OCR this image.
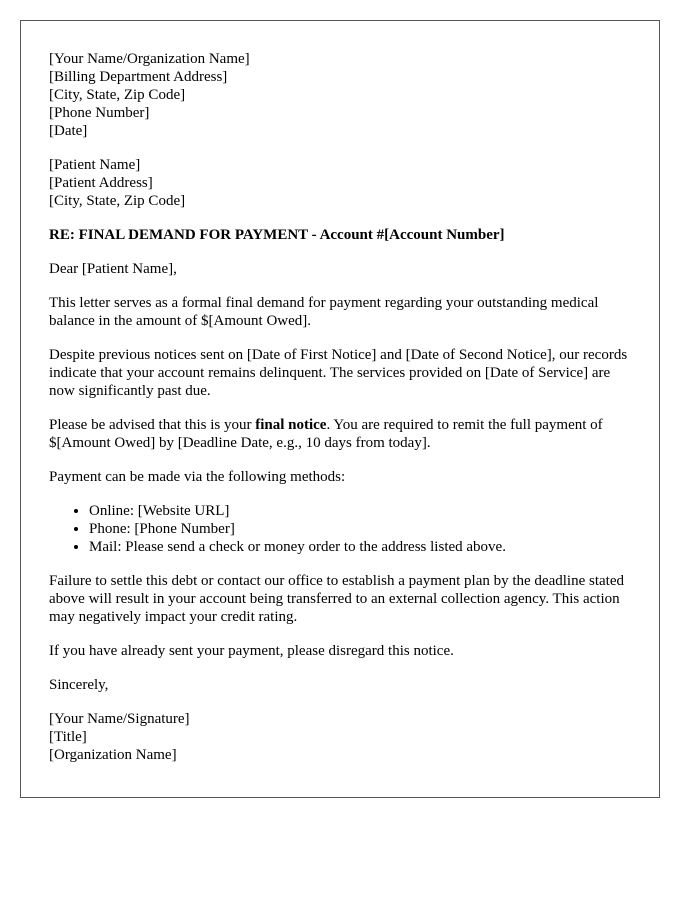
[Your Name/Organization Name]
[Billing Department Address]
[City, State, Zip Code]
[Phone Number]
[Date]
[Patient Name]
[Patient Address]
[City, State, Zip Code]

RE: FINAL DEMAND FOR PAYMENT - Account #[Account Number]

Dear [Patient Name],

This letter serves as a formal final demand for payment regarding your outstanding medical balance in the amount of $[Amount Owed].

Despite previous notices sent on [Date of First Notice] and [Date of Second Notice], our records indicate that your account remains delinquent. The services provided on [Date of Service] are now significantly past due.

Please be advised that this is your final notice. You are required to remit the full payment of $[Amount Owed] by [Deadline Date, e.g., 10 days from today].

Payment can be made via the following methods:

• Online: [Website URL]
• Phone: [Phone Number]
• Mail: Please send a check or money order to the address listed above.

Failure to settle this debt or contact our office to establish a payment plan by the deadline stated above will result in your account being transferred to an external collection agency. This action may negatively impact your credit rating.

If you have already sent your payment, please disregard this notice.

Sincerely,

[Your Name/Signature]
[Title]
[Organization Name]
